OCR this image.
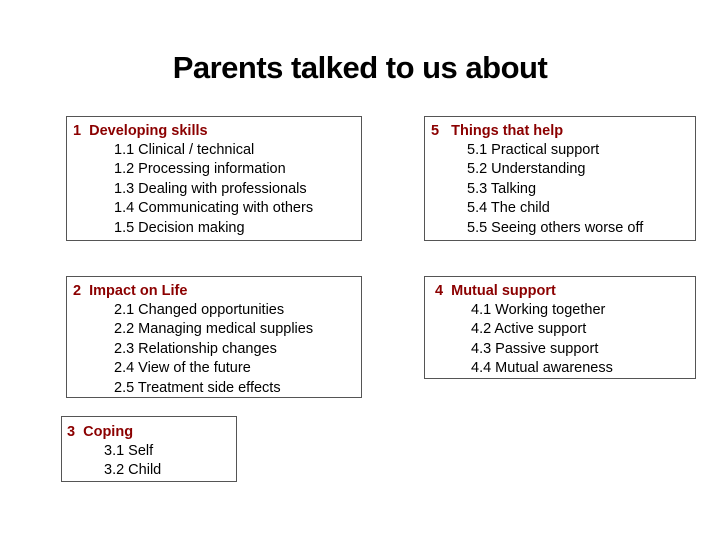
Parents talked to us about
1  Developing skills
1.1 Clinical / technical
1.2 Processing information
1.3 Dealing with professionals
1.4 Communicating with others
1.5 Decision making
5   Things that help
5.1 Practical support
5.2 Understanding
5.3 Talking
5.4 The child
5.5 Seeing others worse off
2  Impact on Life
2.1 Changed opportunities
2.2 Managing medical supplies
2.3 Relationship changes
2.4 View of the future
2.5 Treatment side effects
4  Mutual support
4.1 Working together
4.2 Active support
4.3 Passive support
4.4 Mutual awareness
3  Coping
3.1 Self
3.2 Child
